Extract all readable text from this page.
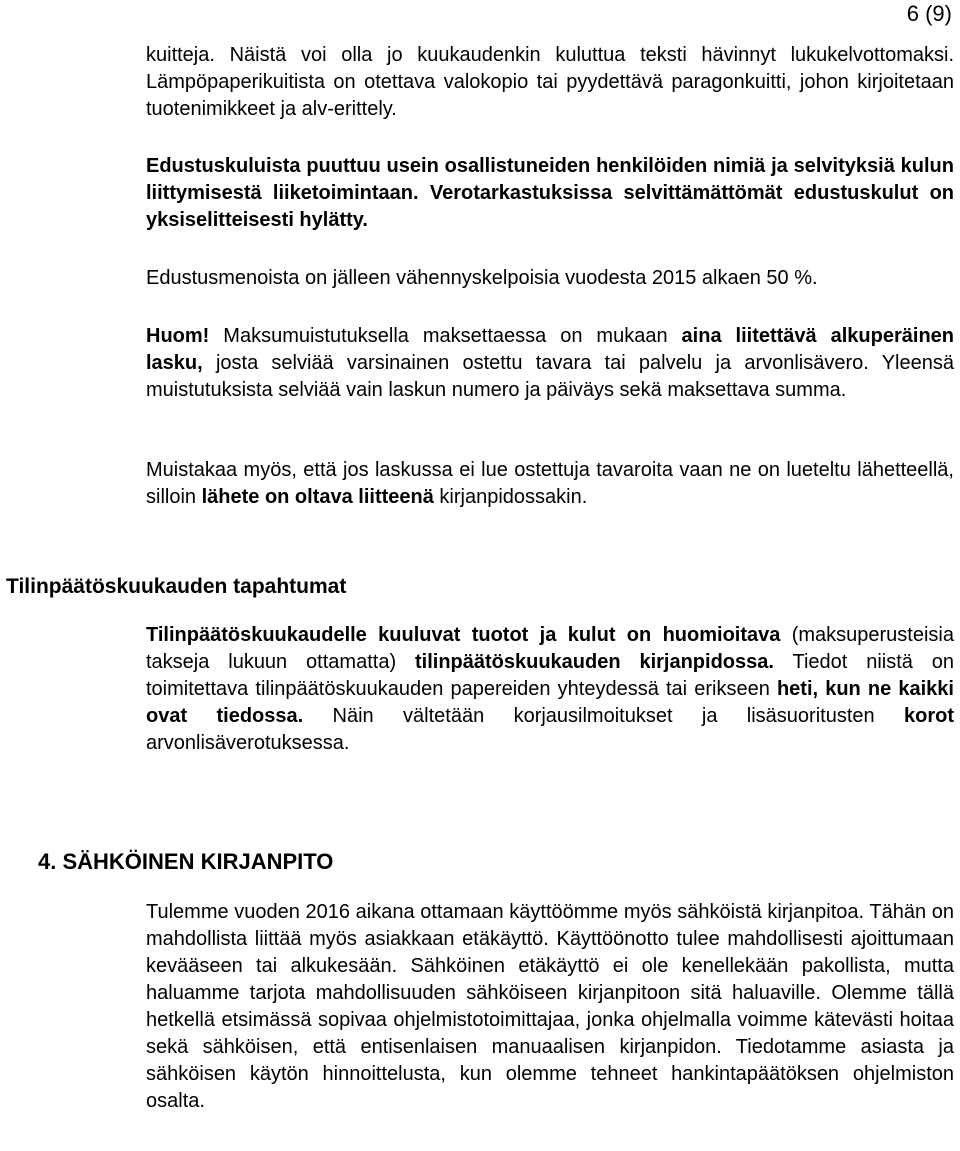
6 (9)

kuitteja. Näistä voi olla jo kuukaudenkin kuluttua teksti hävinnyt lukukelvottomaksi. Lämpöpaperikuitista on otettava valokopio tai pyydettävä paragonkuitti, johon kirjoitetaan tuotenimikkeet ja alv-erittely.

Edustuskuluista puuttuu usein osallistuneiden henkilöiden nimiä ja selvityksiä kulun liittymisestä liiketoimintaan. Verotarkastuksissa selvittämättömät edustuskulut on yksiselitteisesti hylätty.

Edustusmenoista on jälleen vähennyskelpoisia vuodesta 2015 alkaen 50 %.

Huom! Maksumuistutuksella maksettaessa on mukaan aina liitettävä alkuperäinen lasku, josta selviää varsinainen ostettu tavara tai palvelu ja arvonlisävero. Yleensä muistutuksista selviää vain laskun numero ja päiväys sekä maksettava summa.

Muistakaa myös, että jos laskussa ei lue ostettuja tavaroita vaan ne on lueteltu lähetteellä, silloin lähete on oltava liitteenä kirjanpidossakin.

Tilinpäätöskuukauden tapahtumat

Tilinpäätöskuukaudelle kuuluvat tuotot ja kulut on huomioitava (maksuperusteisia takseja lukuun ottamatta) tilinpäätöskuukauden kirjanpidossa. Tiedot niistä on toimitettava tilinpäätöskuukauden papereiden yhteydessä tai erikseen heti, kun ne kaikki ovat tiedossa. Näin vältetään korjausilmoitukset ja lisäsuoritusten korot arvonlisäverotuksessa.

4. SÄHKÖINEN KIRJANPITO

Tulemme vuoden 2016 aikana ottamaan käyttöömme myös sähköistä kirjanpitoa. Tähän on mahdollista liittää myös asiakkaan etäkäyttö. Käyttöönotto tulee mahdollisesti ajoittumaan kevääseen tai alkukesään. Sähköinen etäkäyttö ei ole kenellekään pakollista, mutta haluamme tarjota mahdollisuuden sähköiseen kirjanpitoon sitä haluaville. Olemme tällä hetkellä etsimässä sopivaa ohjelmistotoimittajaa, jonka ohjelmalla voimme kätevästi hoitaa sekä sähköisen, että entisenlaisen manuaalisen kirjanpidon. Tiedotamme asiasta ja sähköisen käytön hinnoittelusta, kun olemme tehneet hankintapäätöksen ohjelmiston osalta.
